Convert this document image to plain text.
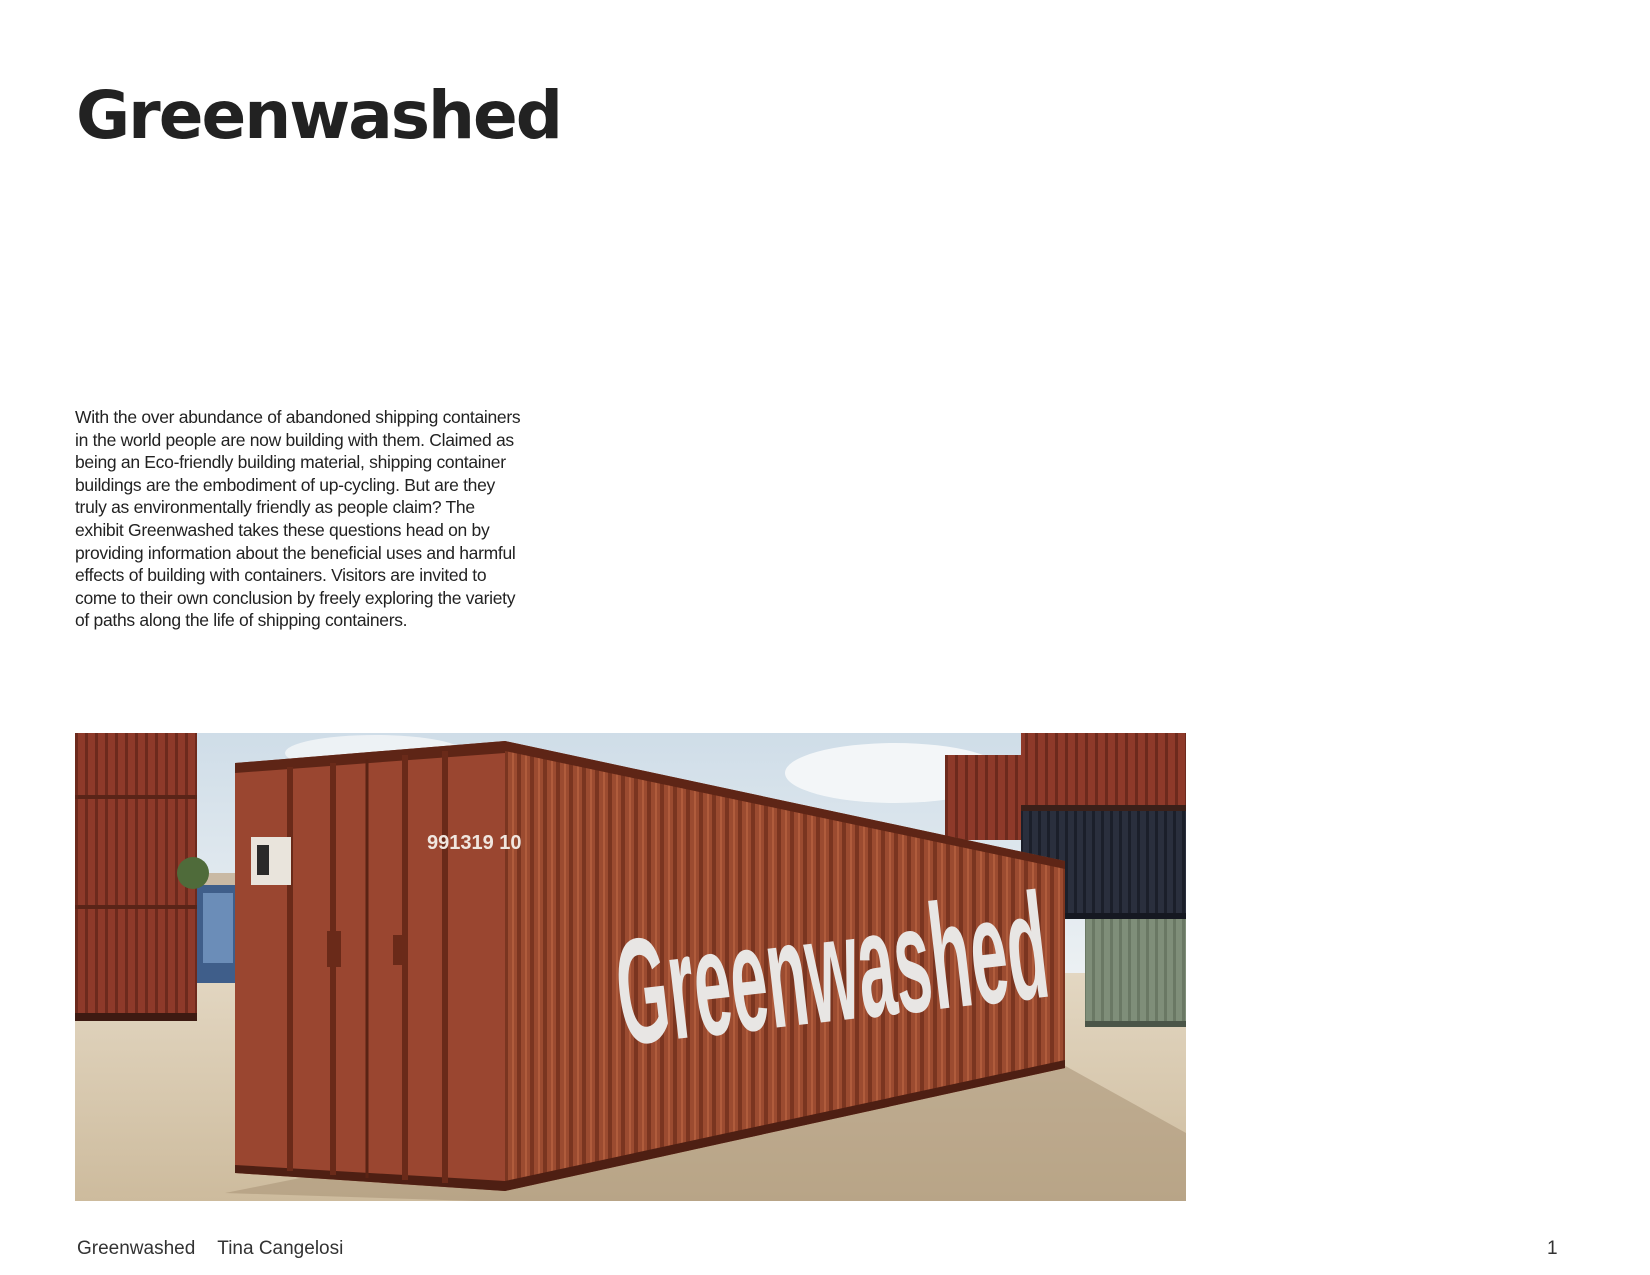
Greenwashed

With the over abundance of abandoned shipping containers in the world people are now building with them. Claimed as being an Eco-friendly building material, shipping container buildings are the embodiment of up-cycling. But are they truly as environmentally friendly as people claim? The exhibit Greenwashed takes these questions head on by providing information about the beneficial uses and harmful effects of building with containers. Visitors are invited to come to their own conclusion by freely exploring the variety of paths along the life of shipping containers.

991319 10
Greenwashed Tina Cangelosi	1
